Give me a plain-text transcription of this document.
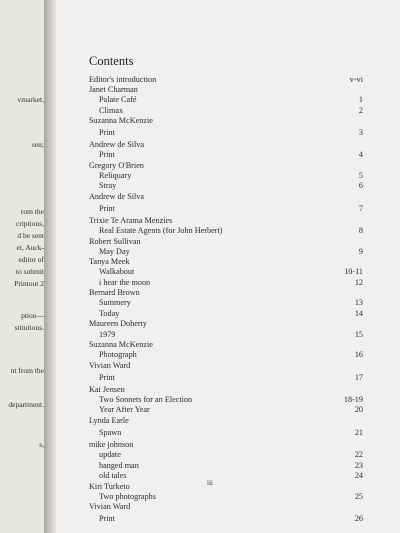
vmarket,
sen;
rom the
criptions,
d be sent
et, Auck-
editor of
to submit
Printout 2
ption—
stitutions.
nt from the
department.
s,
Contents
Editor's introduction	v-vi
Janet Charman
Palate Café	1
Climax	2
Suzanna McKenzie
Print	3
Andrew de Silva
Print	4
Gregory O'Brien
Reliquary	5
Stray	6
Andrew de Silva
Print	7
Trixie Te Arama Menzies
Real Estate Agents (for John Herbert)	8
Robert Sullivan
May Day	9
Tanya Meek
Walkabout	10-11
i hear the moon	12
Bernard Brown
Summery	13
Today	14
Maureen Doherty
1979	15
Suzanna McKenzie
Photograph	16
Vivian Ward
Print	17
Kai Jensen
Two Sonnets for an Election	18-19
Year After Year	20
Lynda Earle
Spawn	21
mike johnson
update	22
hanged man	23
old tales	24
Kiri Turketo
Two photographs	25
Vivian Ward
Print	26
iii
